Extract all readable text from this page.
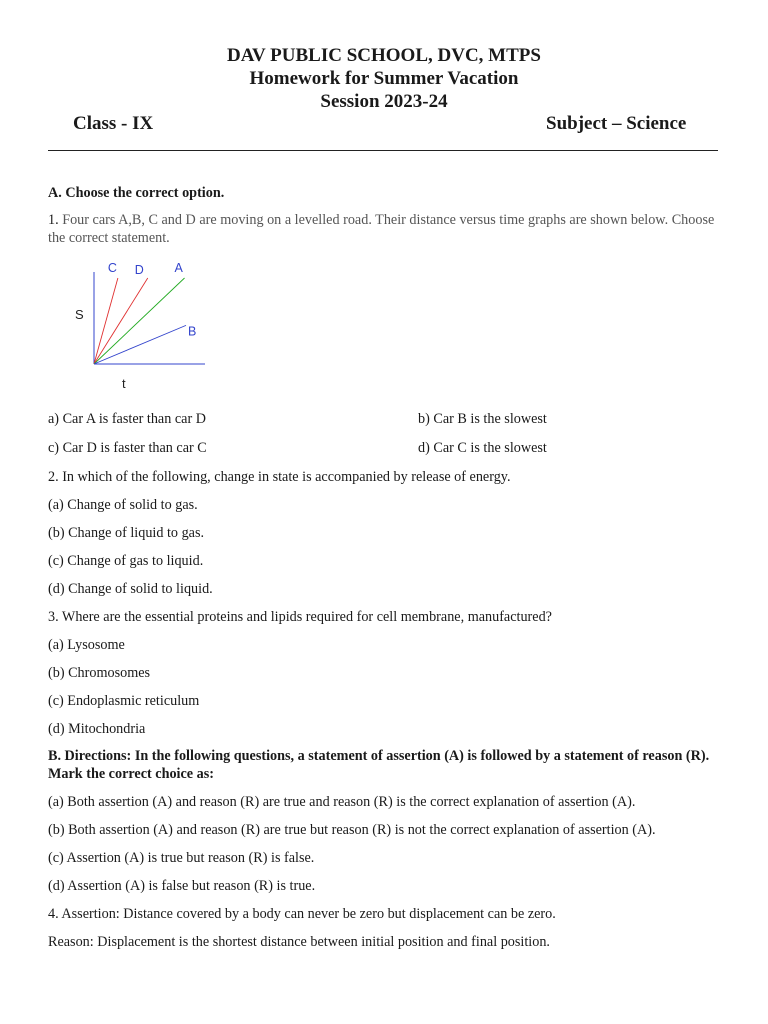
DAV PUBLIC SCHOOL, DVC, MTPS
Homework for Summer Vacation
Session 2023-24
Class - IX	Subject – Science
A. Choose the correct option.
1. Four cars A,B, C and D are moving on a levelled road. Their distance versus time graphs are shown below. Choose the correct statement.
S
t
C D A
B
a) Car A is faster than car D	b) Car B is the slowest
c) Car D is faster than car C	d) Car C is the slowest
2. In which of the following, change in state is accompanied by release of energy.
(a) Change of solid to gas.
(b) Change of liquid to gas.
(c) Change of gas to liquid.
(d) Change of solid to liquid.
3. Where are the essential proteins and lipids required for cell membrane, manufactured?
(a) Lysosome
(b) Chromosomes
(c) Endoplasmic reticulum
(d) Mitochondria
B. Directions: In the following questions, a statement of assertion (A) is followed by a statement of reason (R). Mark the correct choice as:
(a) Both assertion (A) and reason (R) are true and reason (R) is the correct explanation of assertion (A).
(b) Both assertion (A) and reason (R) are true but reason (R) is not the correct explanation of assertion (A).
(c) Assertion (A) is true but reason (R) is false.
(d) Assertion (A) is false but reason (R) is true.
4. Assertion: Distance covered by a body can never be zero but displacement can be zero.
Reason: Displacement is the shortest distance between initial position and final position.
